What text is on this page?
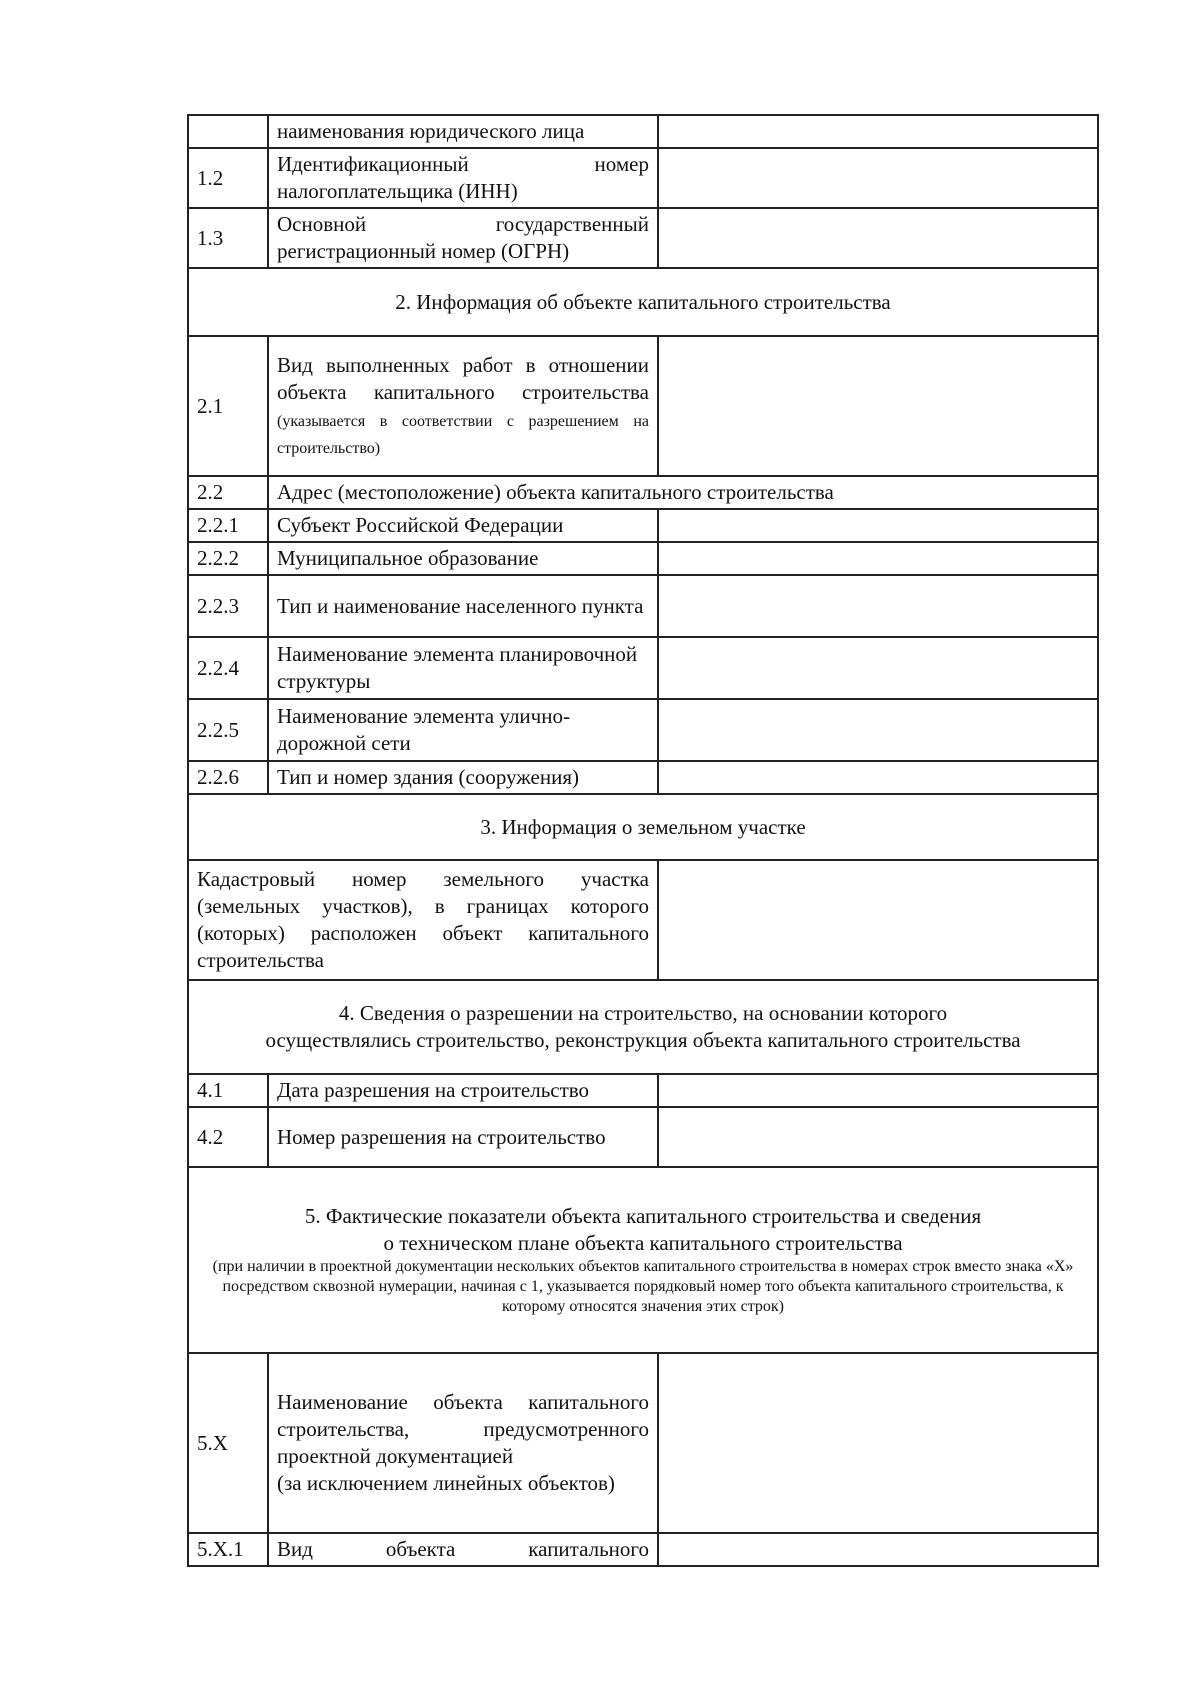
	наименования юридического лица	
1.2	Идентификационный номер налогоплательщика (ИНН)	
1.3	Основной государственный регистрационный номер (ОГРН)	
2. Информация об объекте капитального строительства		
2.1	Вид выполненных работ в отношении объекта капитального строительства (указывается в соответствии с разрешением на строительство)	
2.2	Адрес (местоположение) объекта капитального строительства	
2.2.1	Субъект Российской Федерации	
2.2.2	Муниципальное образование	
2.2.3	Тип и наименование населенного пункта	
2.2.4	Наименование элемента планировочной структуры	
2.2.5	Наименование элемента улично-дорожной сети	
2.2.6	Тип и номер здания (сооружения)	
3. Информация о земельном участке		
Кадастровый номер земельного участка (земельных участков), в границах которого (которых) расположен объект капитального строительства		

4. Сведения о разрешении на строительство, на основании которого
осуществлялись строительство, реконструкция объекта капитального строительства		

4.1	Дата разрешения на строительство	
4.2	Номер разрешения на строительство	

5. Фактические показатели объекта капитального строительства и сведения
о техническом плане объекта капитального строительства
(при наличии в проектной документации нескольких объектов капитального строительства в номерах строк вместо знака «Х» посредством сквозной нумерации, начиная с 1, указывается порядковый номер того объекта капитального строительства, к которому относятся значения этих строк)		

5.Х	Наименование объекта капитального строительства, предусмотренного проектной документацией
(за исключением линейных объектов)	

5.Х.1	Вид объекта капитального	
